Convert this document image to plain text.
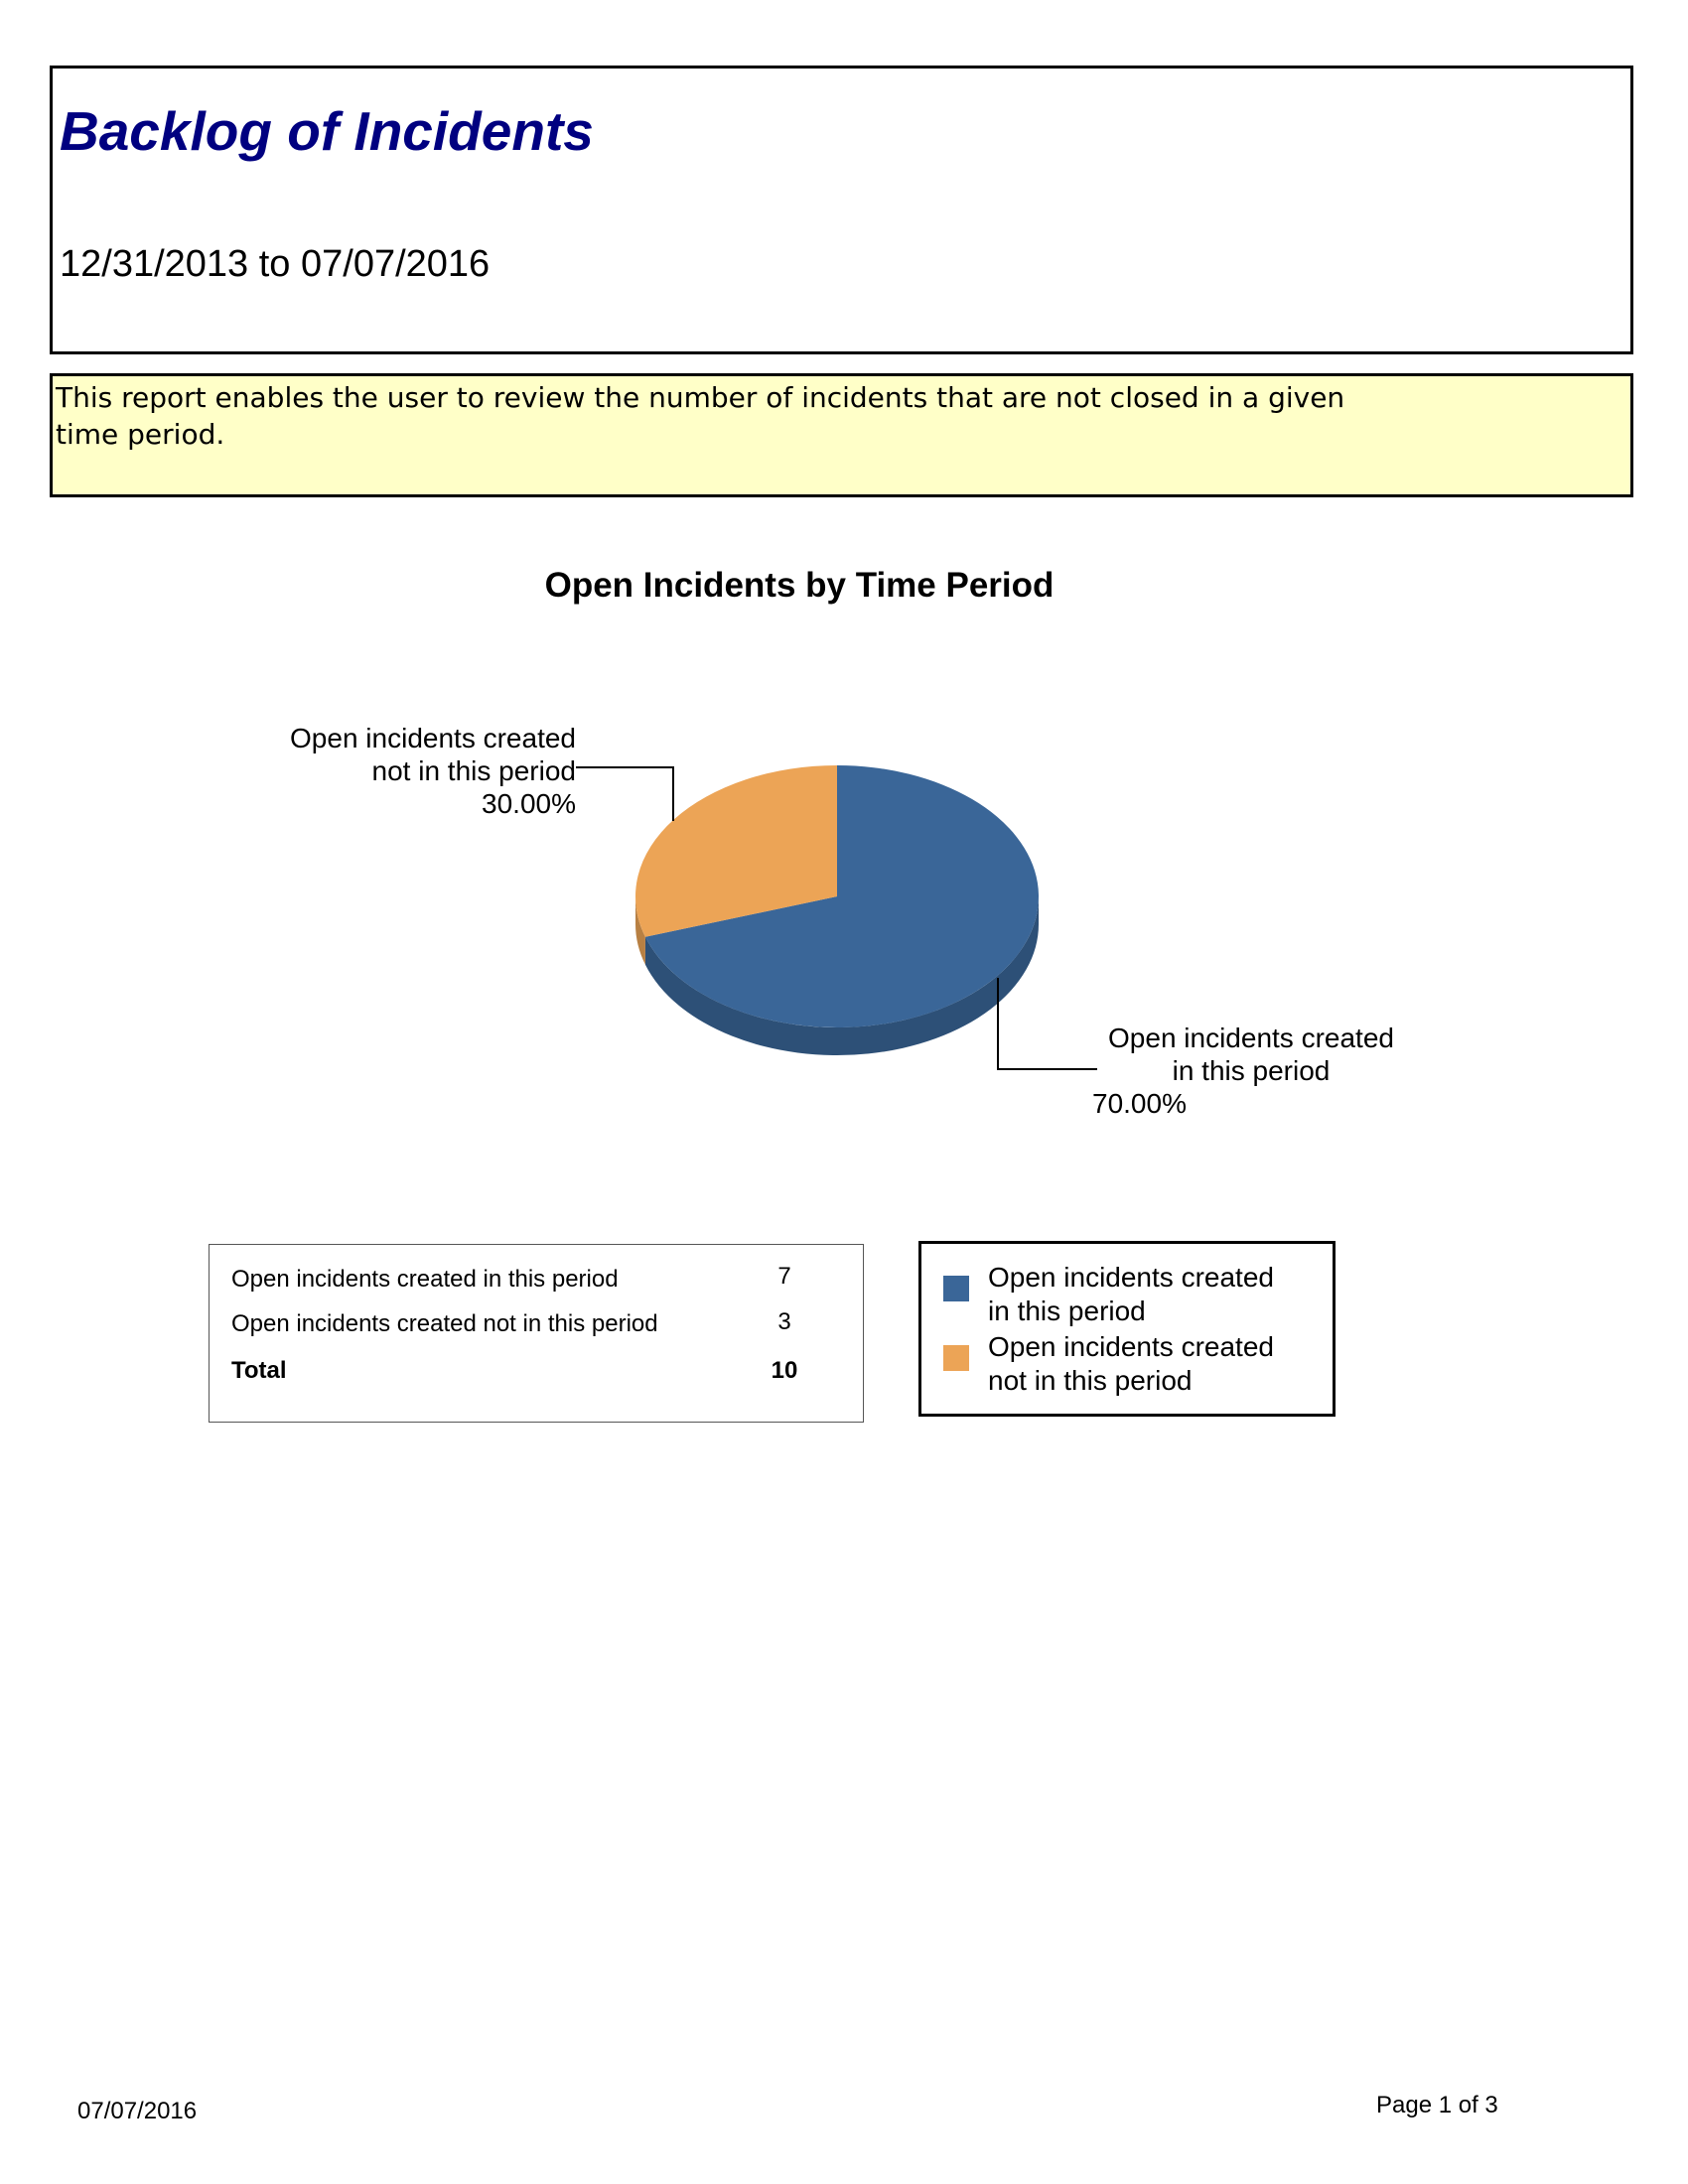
Backlog of Incidents
12/31/2013 to 07/07/2016
This report enables the user to review the number of incidents that are not closed in a given time period.
Open Incidents by Time Period
Open incidents created
not in this period
30.00%
Open incidents created
in this period
70.00%
Open incidents created in this period	7
Open incidents created not in this period	3
Total	10
Open incidents created
in this period
Open incidents created
not in this period
07/07/2016	Page 1 of 3
